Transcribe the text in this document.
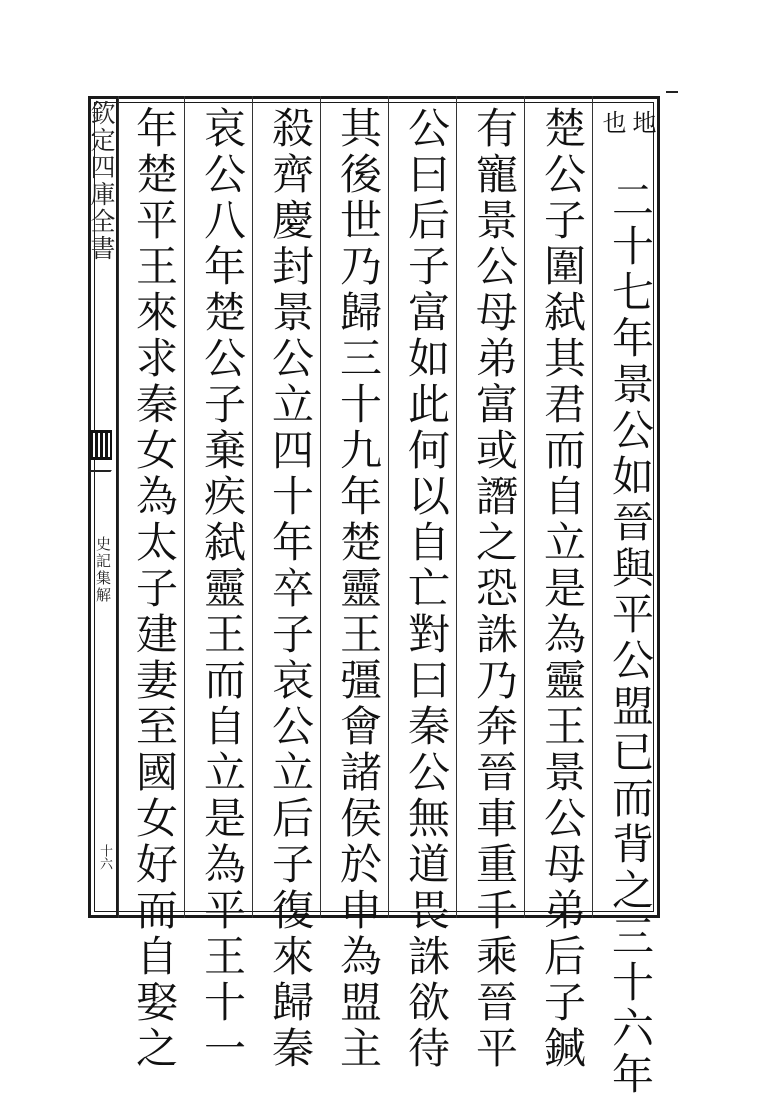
欽定四庫全書
史記集解
十六
地
也
二十七年景公如晉與平公盟已而背之三十六年
楚公子圍弑其君而自立是為靈王景公母弟后子鍼
有寵景公母弟富或譖之恐誅乃奔晉車重千乘晉平
公曰后子富如此何以自亡對曰秦公無道畏誅欲待
其後世乃歸三十九年楚靈王彊會諸侯於申為盟主
殺齊慶封景公立四十年卒子哀公立后子復來歸秦
哀公八年楚公子棄疾弑靈王而自立是為平王十一
年楚平王來求秦女為太子建妻至國女好而自娶之
